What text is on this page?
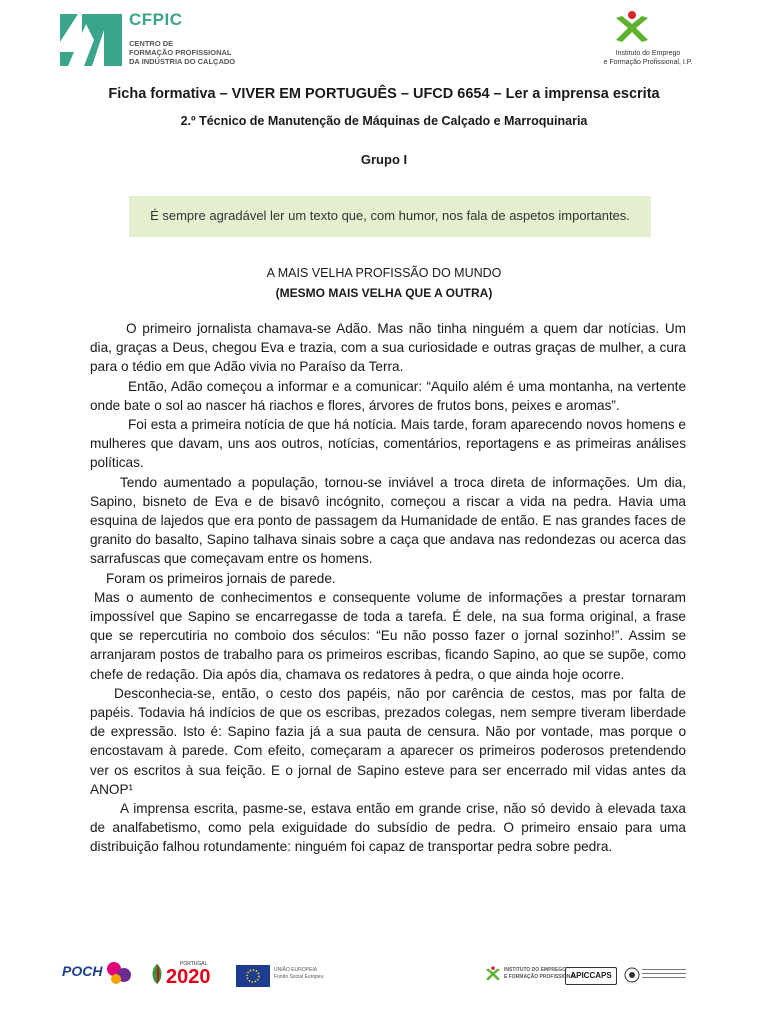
CFPIC
CENTRO DE
FORMAÇÃO PROFISSIONAL
DA INDÚSTRIA DO CALÇADO
Instituto do Emprego
e Formação Profissional, I.P.
Ficha formativa – VIVER EM PORTUGUÊS – UFCD 6654 – Ler a imprensa escrita
2.º Técnico de Manutenção de Máquinas de Calçado e Marroquinaria
Grupo I
É sempre agradável ler um texto que, com humor, nos fala de aspetos importantes.
A MAIS VELHA PROFISSÃO DO MUNDO
(MESMO MAIS VELHA QUE A OUTRA)

O primeiro jornalista chamava-se Adão. Mas não tinha ninguém a quem dar notícias. Um dia, graças a Deus, chegou Eva e trazia, com a sua curiosidade e outras graças de mulher, a cura para o tédio em que Adão vivia no Paraíso da Terra.

Então, Adão começou a informar e a comunicar: “Aquilo além é uma montanha, na vertente onde bate o sol ao nascer há riachos e flores, árvores de frutos bons, peixes e aromas”.

Foi esta a primeira notícia de que há notícia. Mais tarde, foram aparecendo novos homens e mulheres que davam, uns aos outros, notícias, comentários, reportagens e as primeiras análises políticas.

Tendo aumentado a população, tornou-se inviável a troca direta de informações. Um dia, Sapino, bisneto de Eva e de bisavô incógnito, começou a riscar a vida na pedra. Havia uma esquina de lajedos que era ponto de passagem da Humanidade de então. E nas grandes faces de granito do basalto, Sapino talhava sinais sobre a caça que andava nas redondezas ou acerca das sarrafuscas que começavam entre os homens.

Foram os primeiros jornais de parede.

Mas o aumento de conhecimentos e consequente volume de informações a prestar tornaram impossível que Sapino se encarregasse de toda a tarefa. É dele, na sua forma original, a frase que se repercutiria no comboio dos séculos: “Eu não posso fazer o jornal sozinho!”. Assim se arranjaram postos de trabalho para os primeiros escribas, ficando Sapino, ao que se supõe, como chefe de redação. Dia após dia, chamava os redatores à pedra, o que ainda hoje ocorre.

Desconhecia-se, então, o cesto dos papéis, não por carência de cestos, mas por falta de papéis. Todavia há indícios de que os escribas, prezados colegas, nem sempre tiveram liberdade de expressão. Isto é: Sapino fazia já a sua pauta de censura. Não por vontade, mas porque o encostavam à parede. Com efeito, começaram a aparecer os primeiros poderosos pretendendo ver os escritos à sua feição. E o jornal de Sapino esteve para ser encerrado mil vidas antes da ANOP¹

A imprensa escrita, pasme-se, estava então em grande crise, não só devido à elevada taxa de analfabetismo, como pela exiguidade do subsídio de pedra. O primeiro ensaio para uma distribuição falhou rotundamente: ninguém foi capaz de transportar pedra sobre pedra.

POCH	PORTUGAL
2020	UNIÃO EUROPEIA
Fundo Social Europeu
INSTITUTO DO EMPREGO
E FORMAÇÃO PROFISSIONAL
APICCAPS
